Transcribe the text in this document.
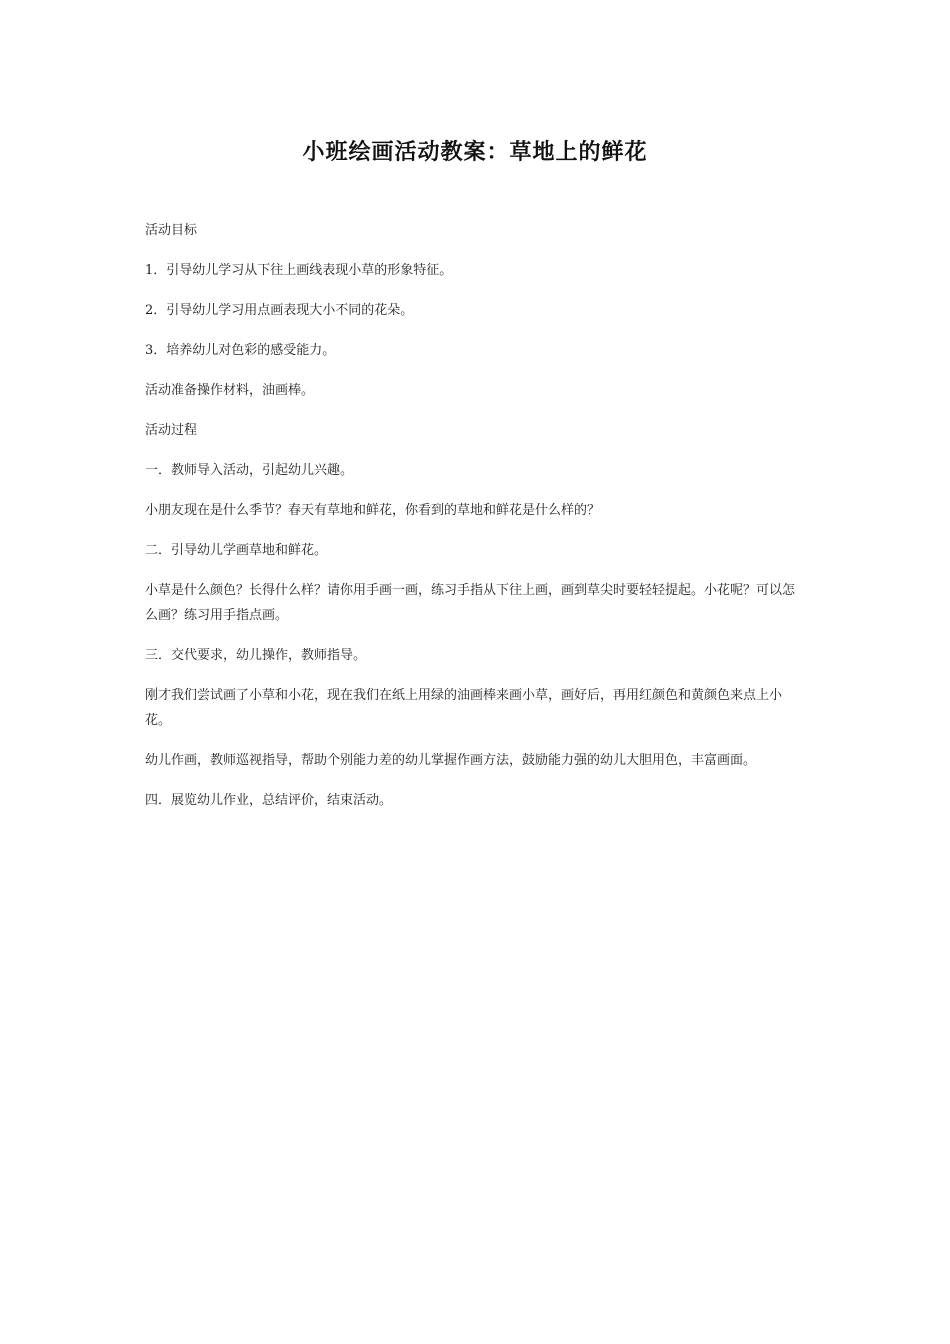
小班绘画活动教案：草地上的鲜花

活动目标

1．引导幼儿学习从下往上画线表现小草的形象特征。

2．引导幼儿学习用点画表现大小不同的花朵。

3．培养幼儿对色彩的感受能力。

活动准备操作材料，油画棒。

活动过程

一．教师导入活动，引起幼儿兴趣。

小朋友现在是什么季节？春天有草地和鲜花，你看到的草地和鲜花是什么样的？

二．引导幼儿学画草地和鲜花。

小草是什么颜色？长得什么样？请你用手画一画，练习手指从下往上画，画到草尖时要轻轻提起。小花呢？可以怎么画？练习用手指点画。

三．交代要求，幼儿操作，教师指导。

刚才我们尝试画了小草和小花，现在我们在纸上用绿的油画棒来画小草，画好后，再用红颜色和黄颜色来点上小花。

幼儿作画，教师巡视指导，帮助个别能力差的幼儿掌握作画方法，鼓励能力强的幼儿大胆用色，丰富画面。

四．展览幼儿作业，总结评价，结束活动。
